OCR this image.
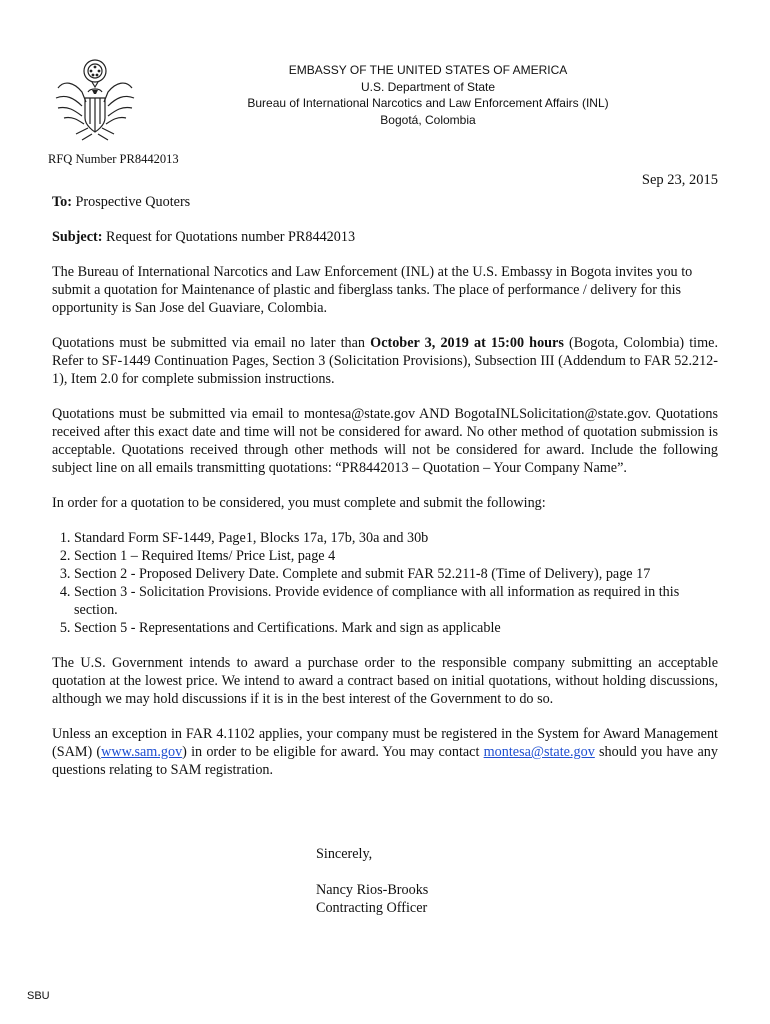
EMBASSY OF THE UNITED STATES OF AMERICA
U.S. Department of State
Bureau of International Narcotics and Law Enforcement Affairs (INL)
Bogotá, Colombia
RFQ Number PR8442013
Sep 23, 2015

To: Prospective Quoters

Subject: Request for Quotations number PR8442013

The Bureau of International Narcotics and Law Enforcement (INL) at the U.S. Embassy in Bogota invites you to submit a quotation for Maintenance of plastic and fiberglass tanks. The place of performance / delivery for this opportunity is San Jose del Guaviare, Colombia.

Quotations must be submitted via email no later than October 3, 2019 at 15:00 hours (Bogota, Colombia) time. Refer to SF-1449 Continuation Pages, Section 3 (Solicitation Provisions), Subsection III (Addendum to FAR 52.212-1), Item 2.0 for complete submission instructions.

Quotations must be submitted via email to montesa@state.gov AND BogotaINLSolicitation@state.gov. Quotations received after this exact date and time will not be considered for award. No other method of quotation submission is acceptable. Quotations received through other methods will not be considered for award. Include the following subject line on all emails transmitting quotations: “PR8442013 – Quotation – Your Company Name”.

In order for a quotation to be considered, you must complete and submit the following:

1. Standard Form SF-1449, Page1, Blocks 17a, 17b, 30a and 30b
2. Section 1 – Required Items/ Price List, page 4
3. Section 2 - Proposed Delivery Date. Complete and submit FAR 52.211-8 (Time of Delivery), page 17
4. Section 3 - Solicitation Provisions. Provide evidence of compliance with all information as required in this section.
5. Section 5 - Representations and Certifications. Mark and sign as applicable

The U.S. Government intends to award a purchase order to the responsible company submitting an acceptable quotation at the lowest price. We intend to award a contract based on initial quotations, without holding discussions, although we may hold discussions if it is in the best interest of the Government to do so.

Unless an exception in FAR 4.1102 applies, your company must be registered in the System for Award Management (SAM) (www.sam.gov) in order to be eligible for award. You may contact montesa@state.gov should you have any questions relating to SAM registration.

Sincerely,
Nancy Rios-Brooks
Contracting Officer
SBU
